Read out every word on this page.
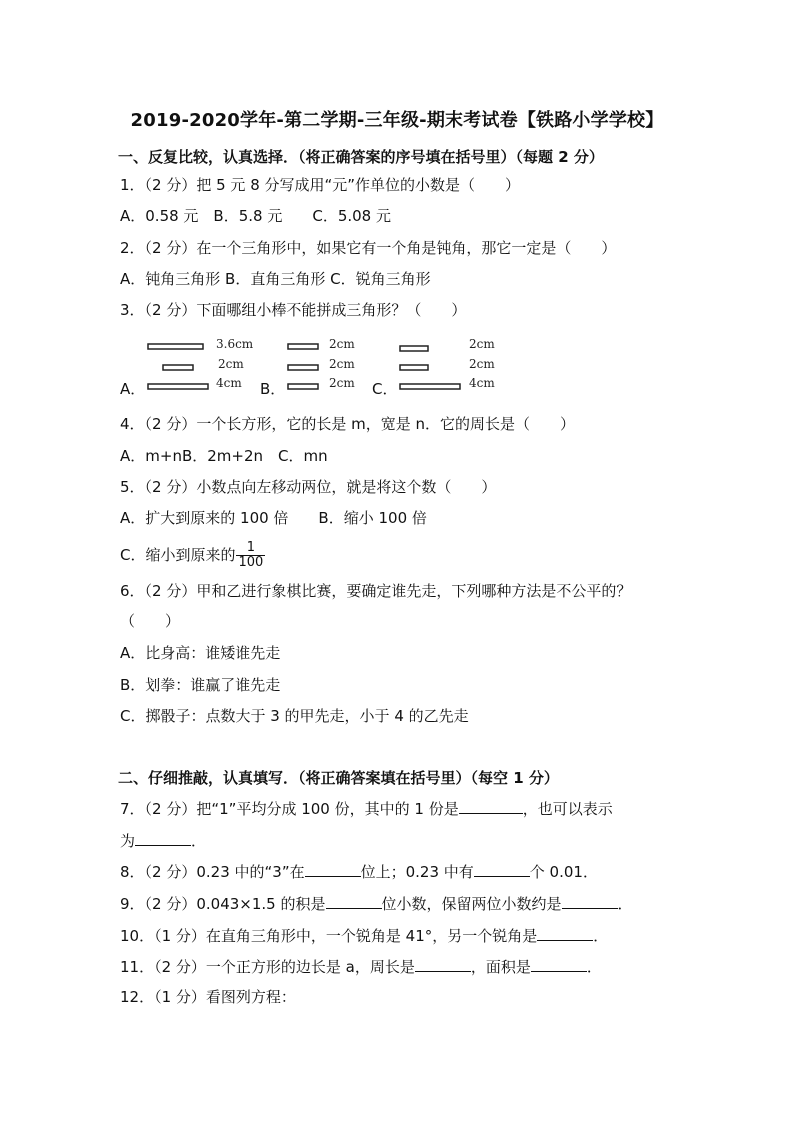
2019-2020学年-第二学期-三年级-期末考试卷【铁路小学学校】
一、反复比较，认真选择．（将正确答案的序号填在括号里）（每题 2 分）
1．（2 分）把 5 元 8 分写成用“元”作单位的小数是（　　）
A．0.58 元　B．5.8 元　　C．5.08 元
2．（2 分）在一个三角形中，如果它有一个角是钝角，那它一定是（　　）
A．钝角三角形 B．直角三角形 C．锐角三角形
3．（2 分）下面哪组小棒不能拼成三角形？（　　）
A．
3.6cm
2cm
4cm B．
2cm
2cm
2cm C．
2cm
2cm
4cm
4．（2 分）一个长方形，它的长是 m，宽是 n．它的周长是（　　）
A．m+nB．2m+2n　C．mn
5．（2 分）小数点向左移动两位，就是将这个数（　　）
A．扩大到原来的 100 倍　　B．缩小 100 倍
C．缩小到原来的 $\frac{1}{100}$
6．（2 分）甲和乙进行象棋比赛，要确定谁先走，下列哪种方法是不公平的？
（　　）
A．比身高：谁矮谁先走
B．划拳：谁赢了谁先走
C．掷骰子：点数大于 3 的甲先走，小于 4 的乙先走
二、仔细推敲，认真填写．（将正确答案填在括号里）（每空 1 分）
7．（2 分）把“1”平均分成 100 份，其中的 1 份是	，也可以表示
为	．
8．（2 分）0.23 中的“3”在	位上；0.23 中有	个 0.01．
9．（2 分）0.043×1.5 的积是	位小数，保留两位小数约是	．
10．（1 分）在直角三角形中，一个锐角是 41°，另一个锐角是	．
11．（2 分）一个正方形的边长是 a，周长是	，面积是	．
12．（1 分）看图列方程：
